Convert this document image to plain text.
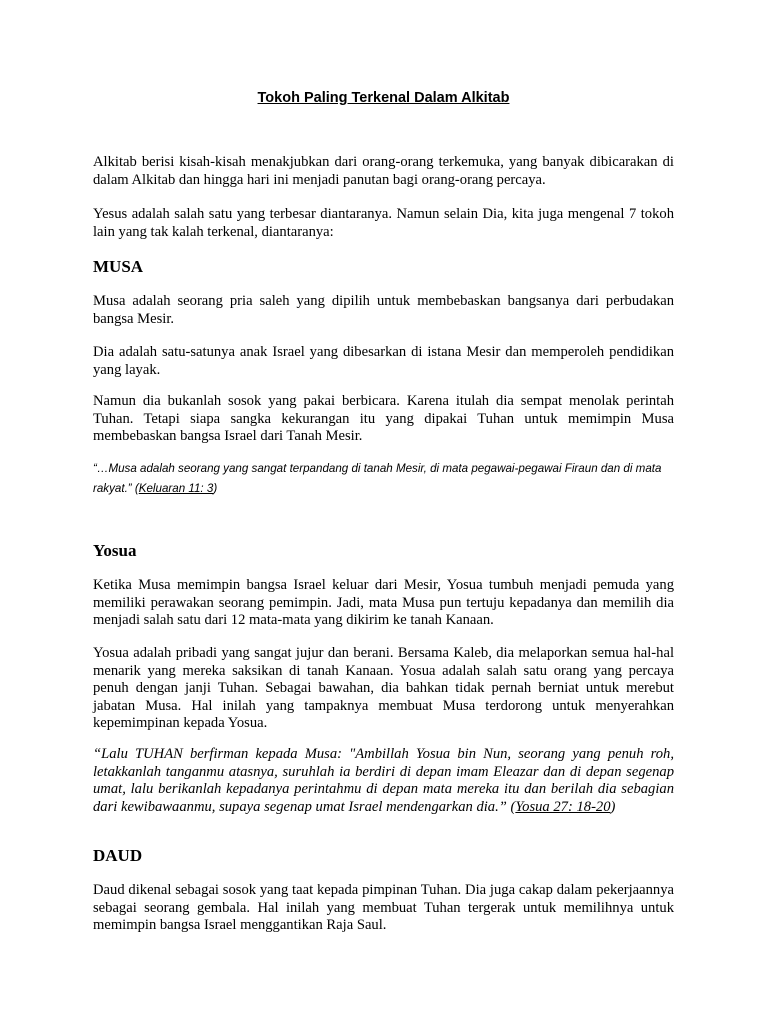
Tokoh Paling Terkenal Dalam Alkitab

Alkitab berisi kisah-kisah menakjubkan dari orang-orang terkemuka, yang banyak dibicarakan di dalam Alkitab dan hingga hari ini menjadi panutan bagi orang-orang percaya.

Yesus adalah salah satu yang terbesar diantaranya. Namun selain Dia, kita juga mengenal 7 tokoh lain yang tak kalah terkenal, diantaranya:

MUSA

Musa adalah seorang pria saleh yang dipilih untuk membebaskan bangsanya dari perbudakan bangsa Mesir.

Dia adalah satu-satunya anak Israel yang dibesarkan di istana Mesir dan memperoleh pendidikan yang layak.

Namun dia bukanlah sosok yang pakai berbicara. Karena itulah dia sempat menolak perintah Tuhan. Tetapi siapa sangka kekurangan itu yang dipakai Tuhan untuk memimpin Musa membebaskan bangsa Israel dari Tanah Mesir.

“…Musa adalah seorang yang sangat terpandang di tanah Mesir, di mata pegawai-pegawai Firaun dan di mata rakyat.” (Keluaran 11: 3)

Yosua

Ketika Musa memimpin bangsa Israel keluar dari Mesir, Yosua tumbuh menjadi pemuda yang memiliki perawakan seorang pemimpin. Jadi, mata Musa pun tertuju kepadanya dan memilih dia menjadi salah satu dari 12 mata-mata yang dikirim ke tanah Kanaan.

Yosua adalah pribadi yang sangat jujur dan berani. Bersama Kaleb, dia melaporkan semua hal-hal menarik yang mereka saksikan di tanah Kanaan. Yosua adalah salah satu orang yang percaya penuh dengan janji Tuhan. Sebagai bawahan, dia bahkan tidak pernah berniat untuk merebut jabatan Musa. Hal inilah yang tampaknya membuat Musa terdorong untuk menyerahkan kepemimpinan kepada Yosua.

“Lalu TUHAN berfirman kepada Musa: "Ambillah Yosua bin Nun, seorang yang penuh roh, letakkanlah tanganmu atasnya, suruhlah ia berdiri di depan imam Eleazar dan di depan segenap umat, lalu berikanlah kepadanya perintahmu di depan mata mereka itu dan berilah dia sebagian dari kewibawaanmu, supaya segenap umat Israel mendengarkan dia.” (Yosua 27: 18-20)

DAUD

Daud dikenal sebagai sosok yang taat kepada pimpinan Tuhan. Dia juga cakap dalam pekerjaannya sebagai seorang gembala. Hal inilah yang membuat Tuhan tergerak untuk memilihnya untuk memimpin bangsa Israel menggantikan Raja Saul.
